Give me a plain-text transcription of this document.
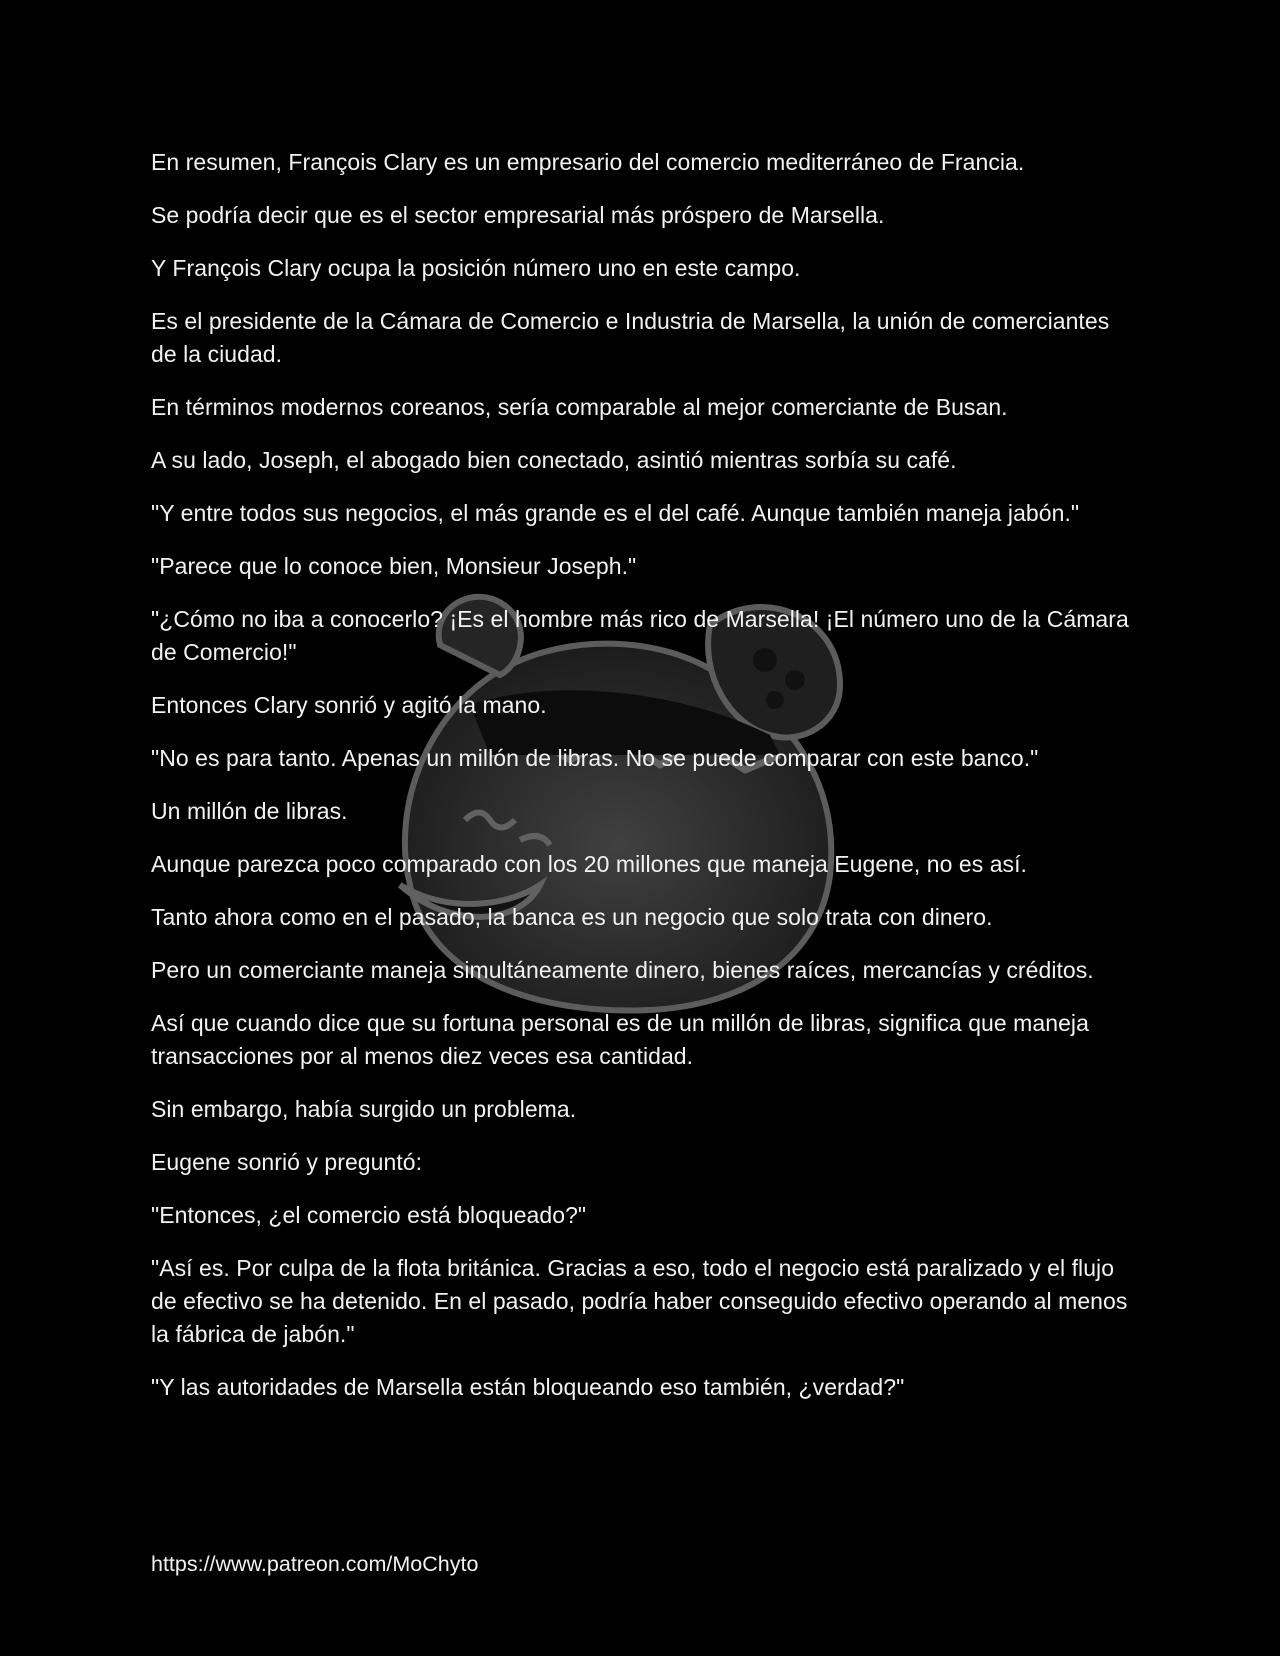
En resumen, François Clary es un empresario del comercio mediterráneo de Francia.

Se podría decir que es el sector empresarial más próspero de Marsella.

Y François Clary ocupa la posición número uno en este campo.

Es el presidente de la Cámara de Comercio e Industria de Marsella, la unión de comerciantes de la ciudad.

En términos modernos coreanos, sería comparable al mejor comerciante de Busan.

A su lado, Joseph, el abogado bien conectado, asintió mientras sorbía su café.

"Y entre todos sus negocios, el más grande es el del café. Aunque también maneja jabón."

"Parece que lo conoce bien, Monsieur Joseph."

"¿Cómo no iba a conocerlo? ¡Es el hombre más rico de Marsella! ¡El número uno de la Cámara de Comercio!"

Entonces Clary sonrió y agitó la mano.

"No es para tanto. Apenas un millón de libras. No se puede comparar con este banco."

Un millón de libras.

Aunque parezca poco comparado con los 20 millones que maneja Eugene, no es así.

Tanto ahora como en el pasado, la banca es un negocio que solo trata con dinero.

Pero un comerciante maneja simultáneamente dinero, bienes raíces, mercancías y créditos.

Así que cuando dice que su fortuna personal es de un millón de libras, significa que maneja transacciones por al menos diez veces esa cantidad.

Sin embargo, había surgido un problema.

Eugene sonrió y preguntó:

"Entonces, ¿el comercio está bloqueado?"

"Así es. Por culpa de la flota británica. Gracias a eso, todo el negocio está paralizado y el flujo de efectivo se ha detenido. En el pasado, podría haber conseguido efectivo operando al menos la fábrica de jabón."

"Y las autoridades de Marsella están bloqueando eso también, ¿verdad?"

https://www.patreon.com/MoChyto
